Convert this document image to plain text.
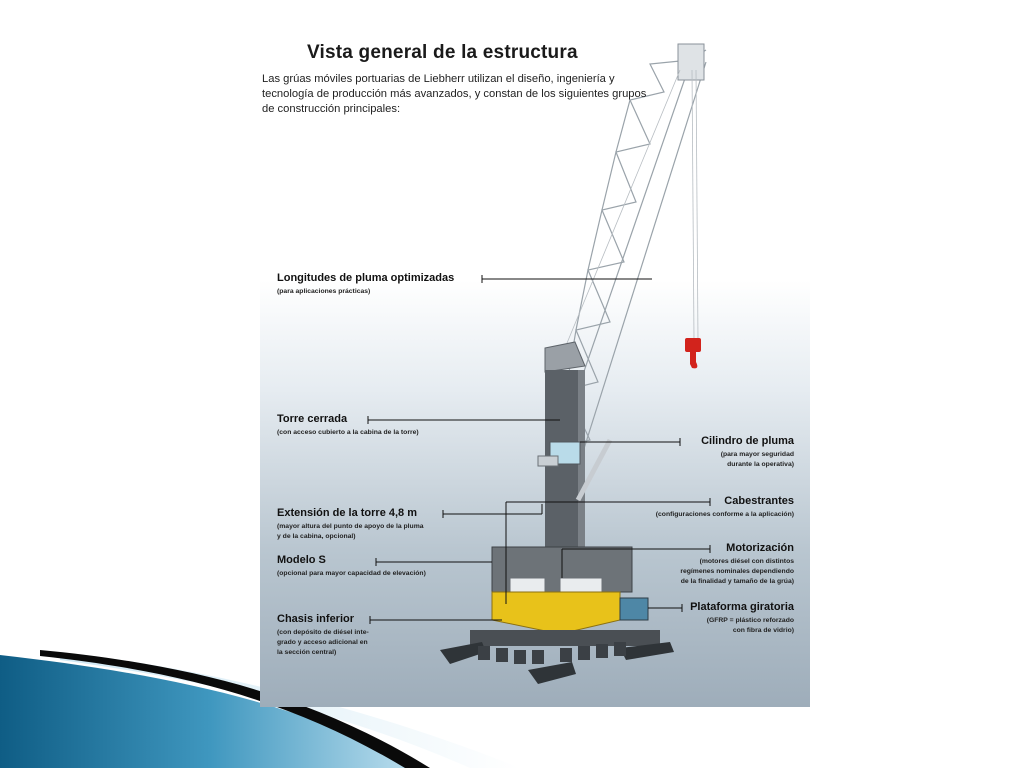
Vista general de la estructura
Las grúas móviles portuarias de Liebherr utilizan el diseño, ingeniería y tecnología de producción más avanzados, y constan de los siguientes grupos de construcción principales:
Longitudes de pluma optimizadas
(para aplicaciones prácticas)
Torre cerrada
(con acceso cubierto a la cabina de la torre)
Cilindro de pluma
(para mayor seguridad
durante la operativa)
Cabestrantes
(configuraciones conforme a la aplicación)
Extensión de la torre 4,8 m
(mayor altura del punto de apoyo de la pluma
y de la cabina, opcional)
Motorización
(motores diésel con distintos
regímenes nominales dependiendo
de la finalidad y tamaño de la grúa)
Modelo S
(opcional para mayor capacidad de elevación)
Plataforma giratoria
(GFRP = plástico reforzado
con fibra de vidrio)
Chasis inferior
(con depósito de diésel inte-
grado y acceso adicional en
la sección central)
